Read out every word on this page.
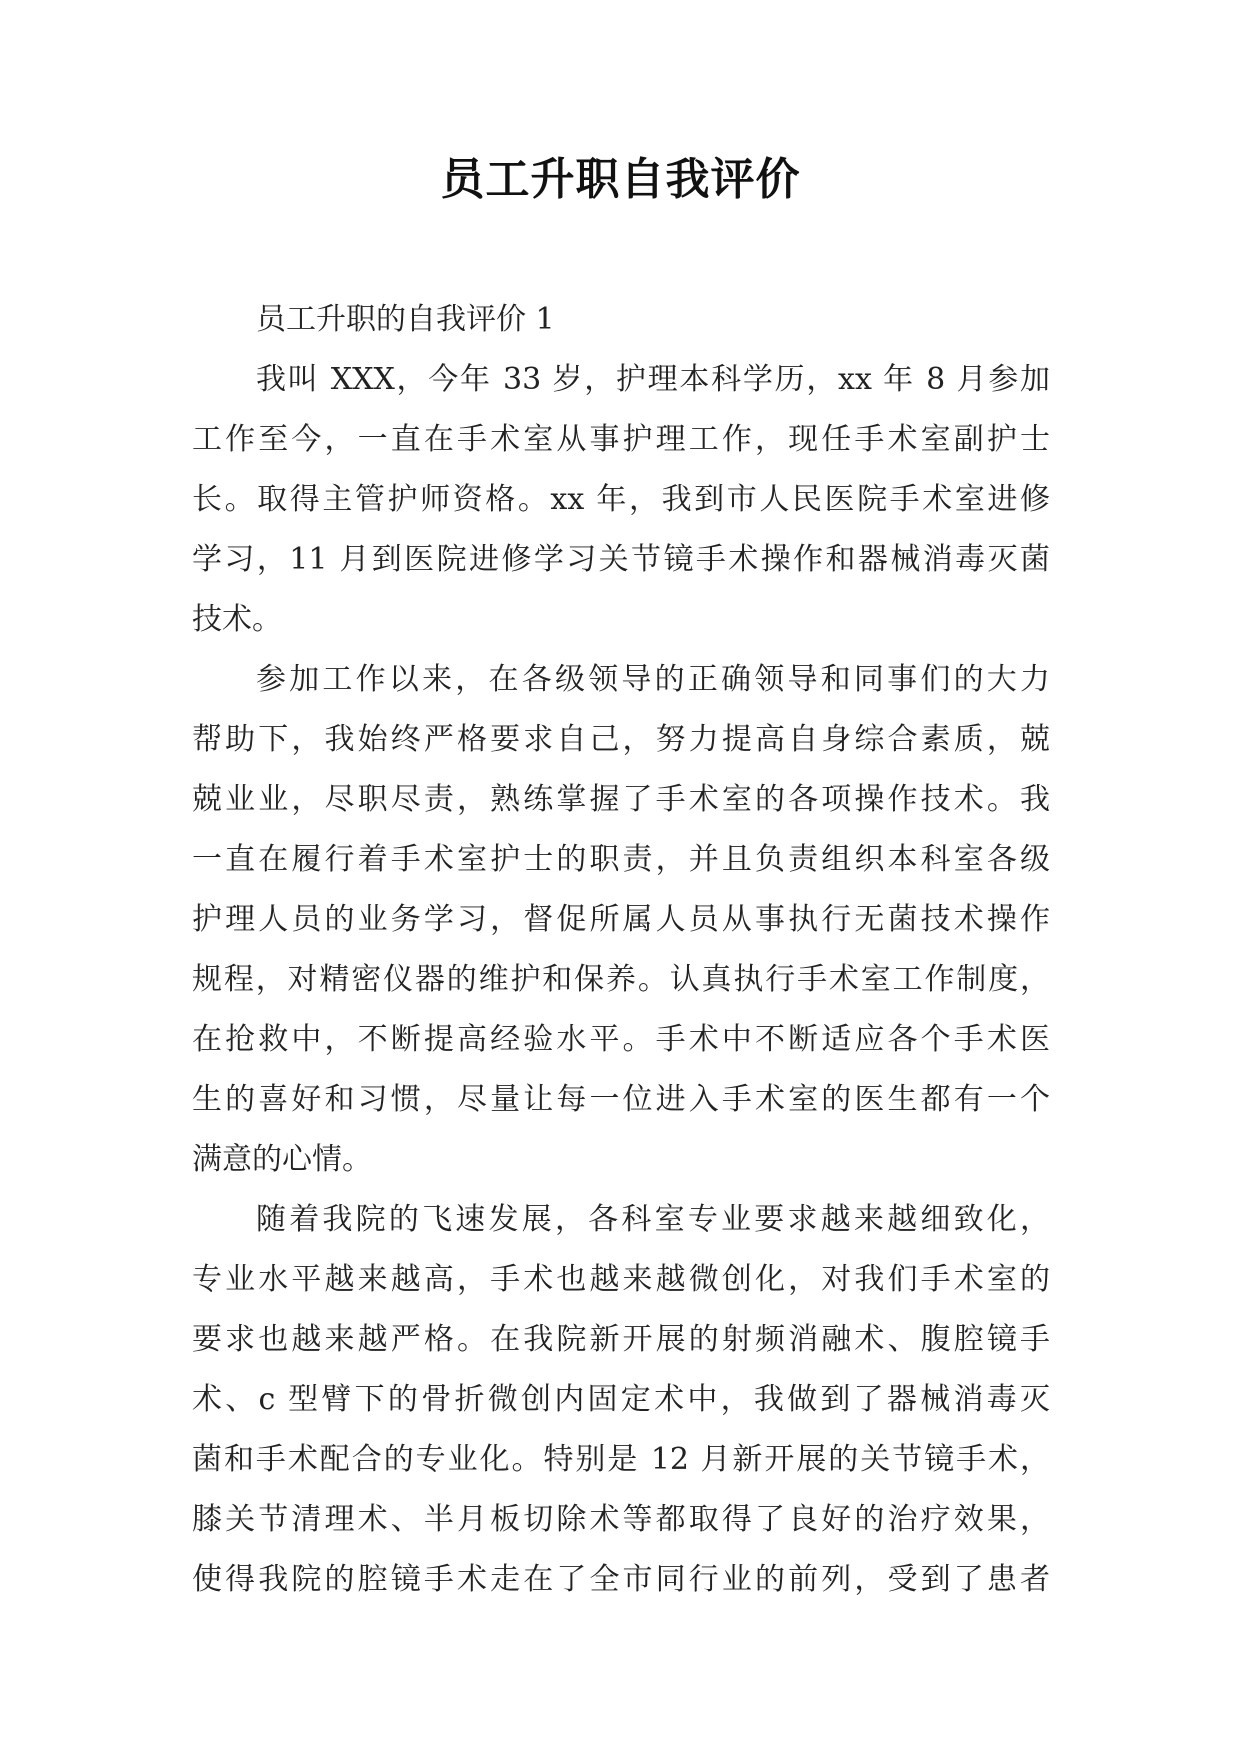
员工升职自我评价
员工升职的自我评价 1
我叫 XXX，今年 33 岁，护理本科学历，xx 年 8 月参加
工作至今，一直在手术室从事护理工作，现任手术室副护士
长。取得主管护师资格。xx 年，我到市人民医院手术室进修
学习，11 月到医院进修学习关节镜手术操作和器械消毒灭菌
技术。
参加工作以来，在各级领导的正确领导和同事们的大力
帮助下，我始终严格要求自己，努力提高自身综合素质，兢
兢业业，尽职尽责，熟练掌握了手术室的各项操作技术。我
一直在履行着手术室护士的职责，并且负责组织本科室各级
护理人员的业务学习，督促所属人员从事执行无菌技术操作
规程，对精密仪器的维护和保养。认真执行手术室工作制度，
在抢救中，不断提高经验水平。手术中不断适应各个手术医
生的喜好和习惯，尽量让每一位进入手术室的医生都有一个
满意的心情。
随着我院的飞速发展，各科室专业要求越来越细致化，
专业水平越来越高，手术也越来越微创化，对我们手术室的
要求也越来越严格。在我院新开展的射频消融术、腹腔镜手
术、c 型臂下的骨折微创内固定术中，我做到了器械消毒灭
菌和手术配合的专业化。特别是 12 月新开展的关节镜手术，
膝关节清理术、半月板切除术等都取得了良好的治疗效果，
使得我院的腔镜手术走在了全市同行业的前列，受到了患者
